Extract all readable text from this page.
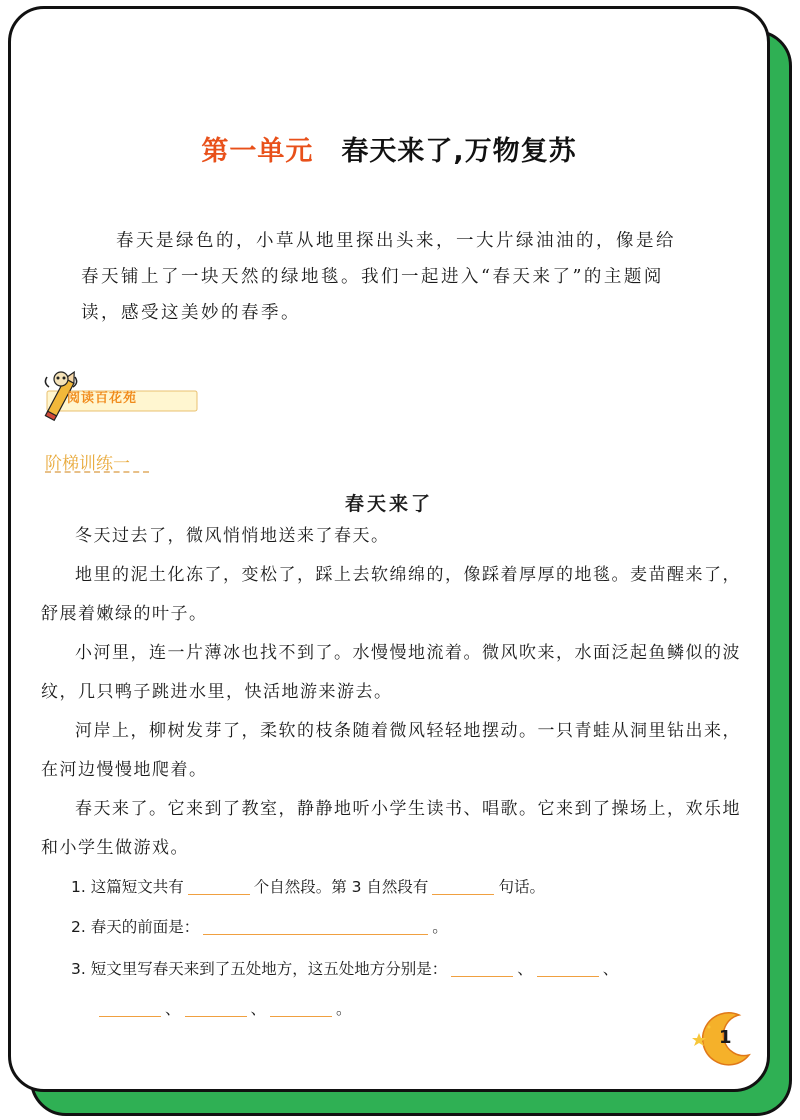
第一单元 春天来了,万物复苏

春天是绿色的，小草从地里探出头来，一大片绿油油的，像是给春天铺上了一块天然的绿地毯。我们一起进入“春天来了”的主题阅读，感受这美妙的春季。

阅读百花苑
阶梯训练一
春天来了

冬天过去了，微风悄悄地送来了春天。

地里的泥土化冻了，变松了，踩上去软绵绵的，像踩着厚厚的地毯。麦苗醒来了，舒展着嫩绿的叶子。

小河里，连一片薄冰也找不到了。水慢慢地流着。微风吹来，水面泛起鱼鳞似的波纹，几只鸭子跳进水里，快活地游来游去。

河岸上，柳树发芽了，柔软的枝条随着微风轻轻地摆动。一只青蛙从洞里钻出来，在河边慢慢地爬着。

春天来了。它来到了教室，静静地听小学生读书、唱歌。它来到了操场上，欢乐地和小学生做游戏。

1. 这篇短文共有	个自然段。第 3 自然段有	句话。
2. 春天的前面是：	。
3. 短文里写春天来到了五处地方，这五处地方分别是：	、	、
、	、	。
1
